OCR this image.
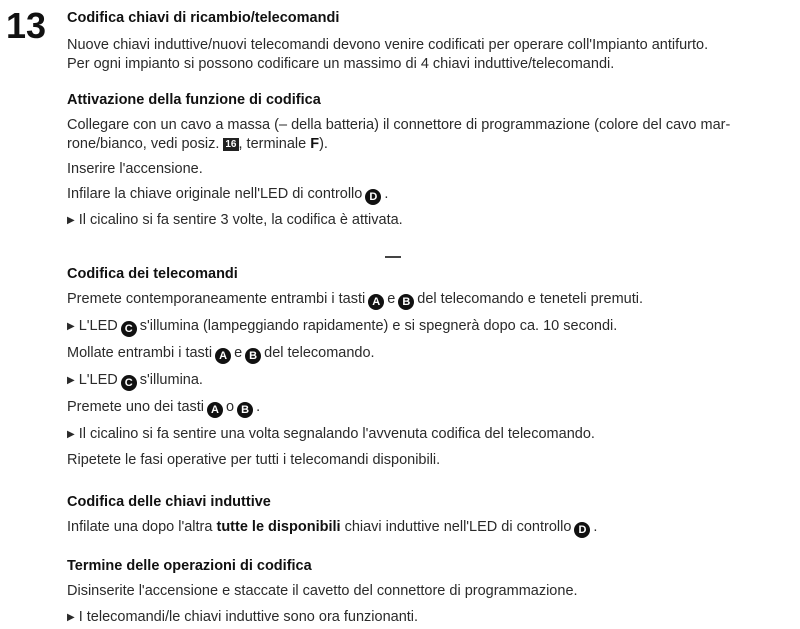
13 Codifica chiavi di ricambio/telecomandi
Nuove chiavi induttive/nuovi telecomandi devono venire codificati per operare coll'Impianto antifurto.
Per ogni impianto si possono codificare un massimo di 4 chiavi induttive/telecomandi.
Attivazione della funzione di codifica
Collegare con un cavo a massa (– della batteria) il connettore di programmazione (colore del cavo mar-
rone/bianco, vedi posiz. 16 , terminale F).
Inserire l'accensione.
Infilare la chiave originale nell'LED di controllo D .
▶ Il cicalino si fa sentire 3 volte, la codifica è attivata.
Codifica dei telecomandi
Premete contemporaneamente entrambi i tasti A e B del telecomando e teneteli premuti.
▶ L'LED C s'illumina (lampeggiando rapidamente) e si spegnerà dopo ca. 10 secondi.
Mollate entrambi i tasti A e B del telecomando.
▶ L'LED C s'illumina.
Premete uno dei tasti A o B .
▶ Il cicalino si fa sentire una volta segnalando l'avvenuta codifica del telecomando.
Ripetete le fasi operative per tutti i telecomandi disponibili.
Codifica delle chiavi induttive
Infilate una dopo l'altra tutte le disponibili chiavi induttive nell'LED di controllo D .
Termine delle operazioni di codifica
Disinserite l'accensione e staccate il cavetto del connettore di programmazione.
▶ I telecomandi/le chiavi induttive sono ora funzionanti.
